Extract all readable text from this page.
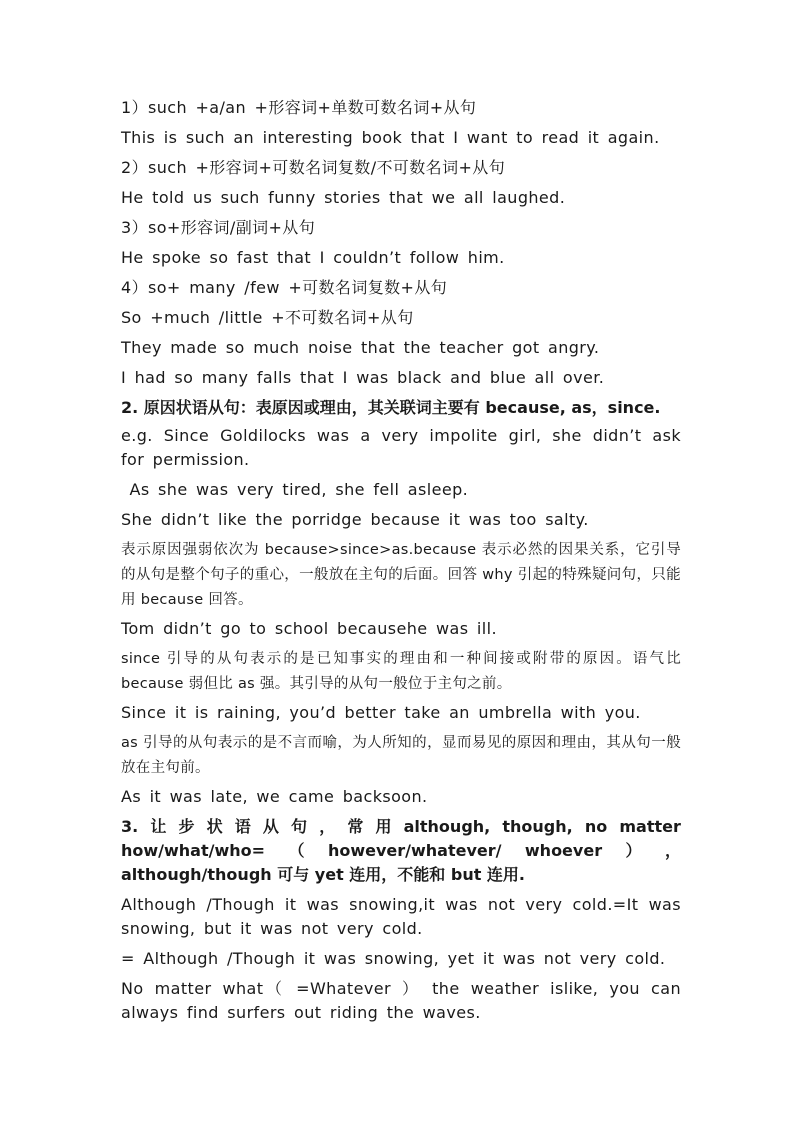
1）such +a/an +形容词+单数可数名词+从句

This is such an interesting book that I want to read it again.

2）such +形容词+可数名词复数/不可数名词+从句

He told us such funny stories that we all laughed.

3）so+形容词/副词+从句

He spoke so fast that I couldn’t follow him.

4）so+ many /few +可数名词复数+从句

So +much /little +不可数名词+从句

They made so much noise that the teacher got angry.

I had so many falls that I was black and blue all over.

2. 原因状语从句：表原因或理由，其关联词主要有 because, as，since.

e.g. Since Goldilocks was a very impolite girl, she didn’t ask for permission.

As she was very tired, she fell asleep.

She didn’t like the porridge because it was too salty.

表示原因强弱依次为 because>since>as.because 表示必然的因果关系，它引导的从句是整个句子的重心，一般放在主句的后面。回答 why 引起的特殊疑问句，只能用 because 回答。

Tom didn’t go to school becausehe was ill.

since 引导的从句表示的是已知事实的理由和一种间接或附带的原因。语气比 because 弱但比 as 强。其引导的从句一般位于主句之前。

Since it is raining, you’d better take an umbrella with you.

as 引导的从句表示的是不言而喻，为人所知的，显而易见的原因和理由，其从句一般放在主句前。

As it was late, we came backsoon.

3. 让 步 状 语 从 句 ， 常 用 although, though, no matter
how/what/who= （ however/whatever/ whoever ） ，
although/though 可与 yet 连用，不能和 but 连用.

Although /Though it was snowing,it was not very cold.=It was snowing, but it was not very cold.

= Although /Though it was snowing, yet it was not very cold.

No matter what（ =Whatever ） the weather islike, you can always find surfers out riding the waves.
